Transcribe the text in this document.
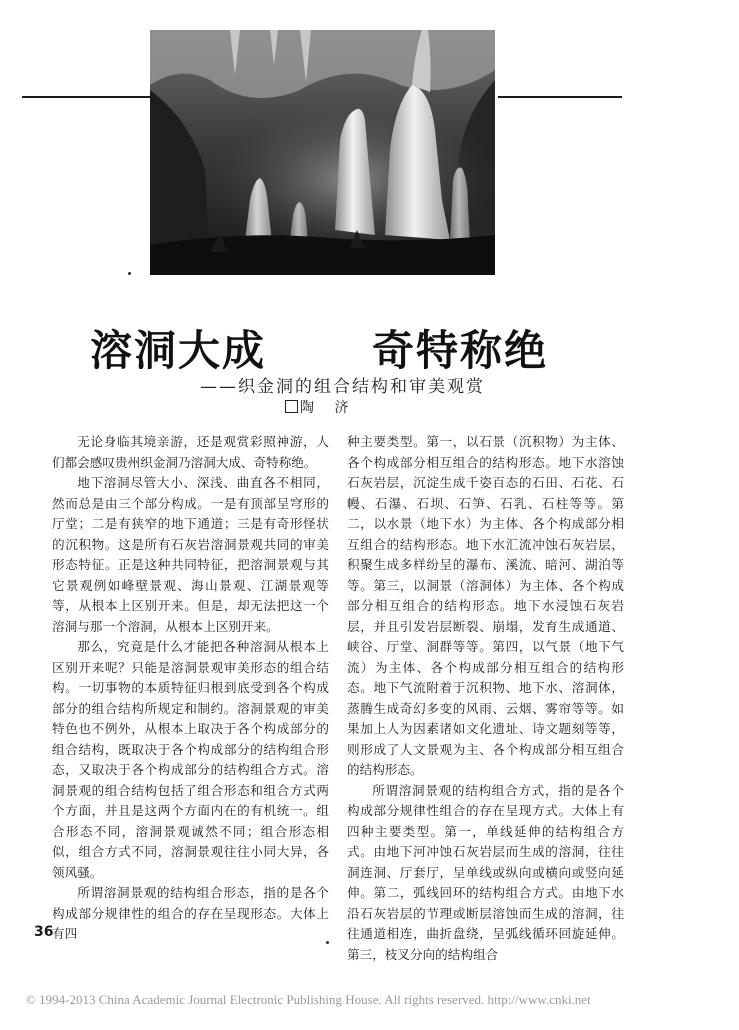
溶洞大成	奇特称绝
——织金洞的组合结构和审美观赏
陶 济

无论身临其境亲游，还是观赏彩照神游，人们都会感叹贵州织金洞乃溶洞大成、奇特称绝。

地下溶洞尽管大小、深浅、曲直各不相同，然而总是由三个部分构成。一是有顶部呈穹形的厅堂；二是有狭窄的地下通道；三是有奇形怪状的沉积物。这是所有石灰岩溶洞景观共同的审美形态特征。正是这种共同特征，把溶洞景观与其它景观例如峰壁景观、海山景观、江湖景观等等，从根本上区别开来。但是，却无法把这一个溶洞与那一个溶洞，从根本上区别开来。

那么，究竟是什么才能把各种溶洞从根本上区别开来呢？只能是溶洞景观审美形态的组合结构。一切事物的本质特征归根到底受到各个构成部分的组合结构所规定和制约。溶洞景观的审美特色也不例外，从根本上取决于各个构成部分的组合结构，既取决于各个构成部分的结构组合形态，又取决于各个构成部分的结构组合方式。溶洞景观的组合结构包括了组合形态和组合方式两个方面，并且是这两个方面内在的有机统一。组合形态不同，溶洞景观诚然不同；组合形态相似，组合方式不同，溶洞景观往往小同大异，各领风骚。

所谓溶洞景观的结构组合形态，指的是各个构成部分规律性的组合的存在呈现形态。大体上有四

种主要类型。第一，以石景（沉积物）为主体、各个构成部分相互组合的结构形态。地下水溶蚀石灰岩层，沉淀生成千姿百态的石田、石花、石幔、石瀑、石坝、石笋、石乳、石柱等等。第二，以水景（地下水）为主体、各个构成部分相互组合的结构形态。地下水汇流冲蚀石灰岩层，积聚生成多样纷呈的瀑布、溪流、暗河、湖泊等等。第三，以洞景（溶洞体）为主体、各个构成部分相互组合的结构形态。地下水浸蚀石灰岩层，并且引发岩层断裂、崩塌，发育生成通道、峡谷、厅堂、洞群等等。第四，以气景（地下气流）为主体、各个构成部分相互组合的结构形态。地下气流附着于沉积物、地下水、溶洞体，蒸腾生成奇幻多变的风雨、云烟、雾帘等等。如果加上人为因素诸如文化遗址、诗文题刻等等，则形成了人文景观为主、各个构成部分相互组合的结构形态。

所谓溶洞景观的结构组合方式，指的是各个构成部分规律性组合的存在呈现方式。大体上有四种主要类型。第一，单线延伸的结构组合方式。由地下河冲蚀石灰岩层而生成的溶洞，往往洞连洞、厅套厅，呈单线或纵向或横向或竖向延伸。第二，弧线回环的结构组合方式。由地下水沿石灰岩层的节理或断层溶蚀而生成的溶洞，往往通道相连，曲折盘绕，呈弧线循环回旋延伸。第三，枝叉分向的结构组合

36
© 1994-2013 China Academic Journal Electronic Publishing House. All rights reserved. http://www.cnki.net
